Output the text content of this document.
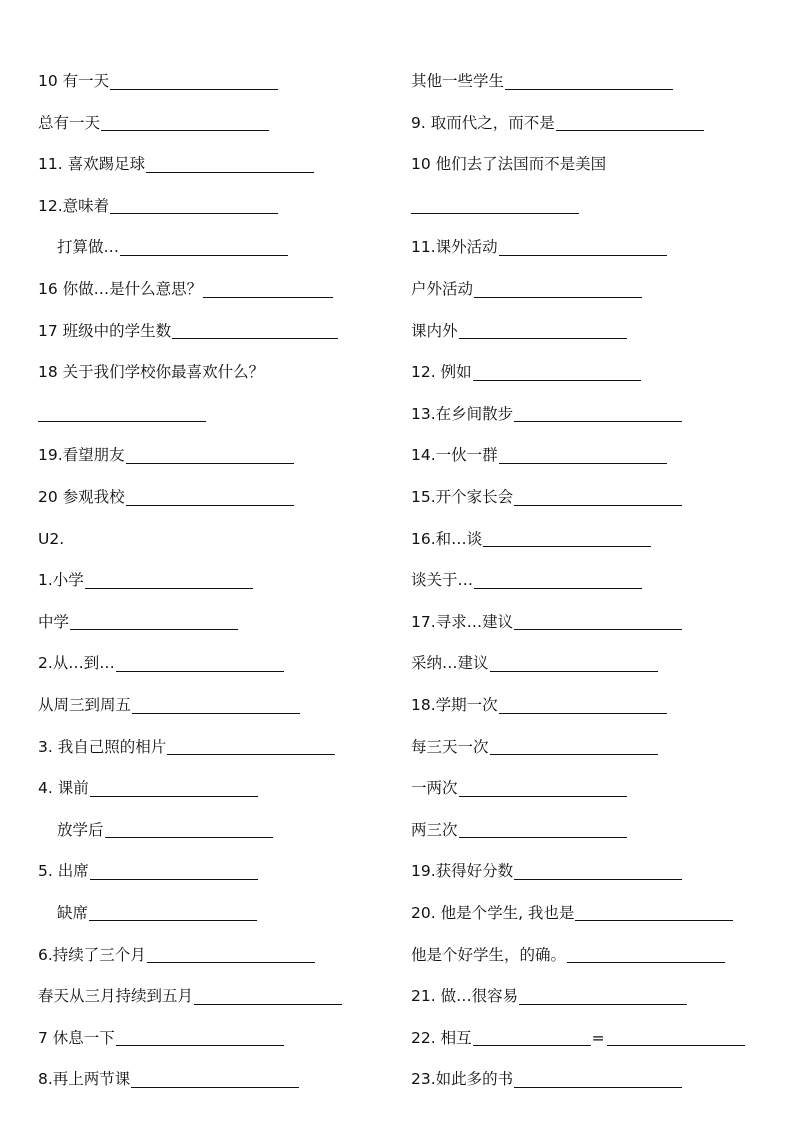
10 有一天
总有一天
11. 喜欢踢足球
12.意味着
打算做…
16 你做…是什么意思？
17 班级中的学生数
18 关于我们学校你最喜欢什么？
19.看望朋友
20 参观我校
U2.
1.小学
中学
2.从…到…
从周三到周五
3. 我自己照的相片
4. 课前
放学后
5. 出席
缺席
6.持续了三个月
春天从三月持续到五月
7 休息一下
8.再上两节课
其他一些学生
9. 取而代之，而不是
10 他们去了法国而不是美国
11.课外活动
户外活动
课内外
12. 例如
13.在乡间散步
14.一伙一群
15.开个家长会
16.和…谈
谈关于…
17.寻求…建议
采纳…建议
18.学期一次
每三天一次
一两次
两三次
19.获得好分数
20. 他是个学生, 我也是
他是个好学生，的确。
21. 做…很容易
22. 相互	=
23.如此多的书
